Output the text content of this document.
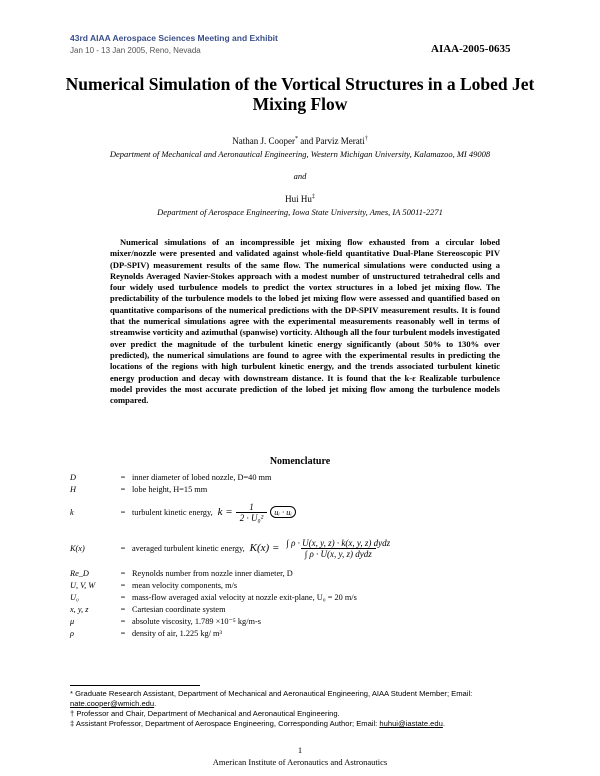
43rd AIAA Aerospace Sciences Meeting and Exhibit
Jan 10 - 13 Jan 2005, Reno, Nevada	AIAA-2005-0635
Numerical Simulation of the Vortical Structures in a Lobed Jet Mixing Flow
Nathan J. Cooper* and Parviz Merati†
Department of Mechanical and Aeronautical Engineering, Western Michigan University, Kalamazoo, MI 49008
and
Hui Hu‡
Department of Aerospace Engineering, Iowa State University, Ames, IA 50011-2271
Numerical simulations of an incompressible jet mixing flow exhausted from a circular lobed mixer/nozzle were presented and validated against whole-field quantitative Dual-Plane Stereoscopic PIV (DP-SPIV) measurement results of the same flow. The numerical simulations were conducted using a Reynolds Averaged Navier-Stokes approach with a modest number of unstructured tetrahedral cells and four widely used turbulence models to predict the vortex structures in a lobed jet mixing flow. The predictability of the turbulence models to the lobed jet mixing flow were assessed and quantified based on quantitative comparisons of the numerical predictions with the DP-SPIV measurement results. It is found that the numerical simulations agree with the experimental measurements reasonably well in terms of streamwise vorticity and azimuthal (spanwise) vorticity. Although all the four turbulent models investigated over predict the magnitude of the turbulent kinetic energy significantly (about 50% to 130% over predicted), the numerical simulations are found to agree with the experimental results in predicting the locations of the regions with high turbulent kinetic energy, and the trends associated turbulent kinetic energy production and decay with downstream distance. It is found that the k-ε Realizable turbulence model provides the most accurate prediction of the lobed jet mixing flow among the turbulence models compared.
Nomenclature
D	= inner diameter of lobed nozzle, D=40 mm
H	= lobe height, H=15 mm
k	= turbulent kinetic energy, $k = \frac{1}{\text{2 · U₀²}}$ uᵢ · uᵢ
K(x)	= averaged turbulent kinetic energy, $K(x) = \frac{\text{∫ ρ · U(x, y, z) · k(x, y, z) dydz}}{\text{∫ ρ · U(x, y, z) dydz}}$
Re_D	= Reynolds number from nozzle inner diameter, D
U, V, W	= mean velocity components, m/s
U₀	= mass-flow averaged axial velocity at nozzle exit-plane, U₀ = 20 m/s
x, y, z	= Cartesian coordinate system
μ	= absolute viscosity, 1.789 ×10⁻⁵ kg/m-s
ρ	= density of air, 1.225 kg/ m³
* Graduate Research Assistant, Department of Mechanical and Aeronautical Engineering, AIAA Student Member; Email: nate.cooper@wmich.edu.
† Professor and Chair, Department of Mechanical and Aeronautical Engineering.
‡ Assistant Professor, Department of Aerospace Engineering, Corresponding Author; Email: huhui@iastate.edu.
1
American Institute of Aeronautics and Astronautics
